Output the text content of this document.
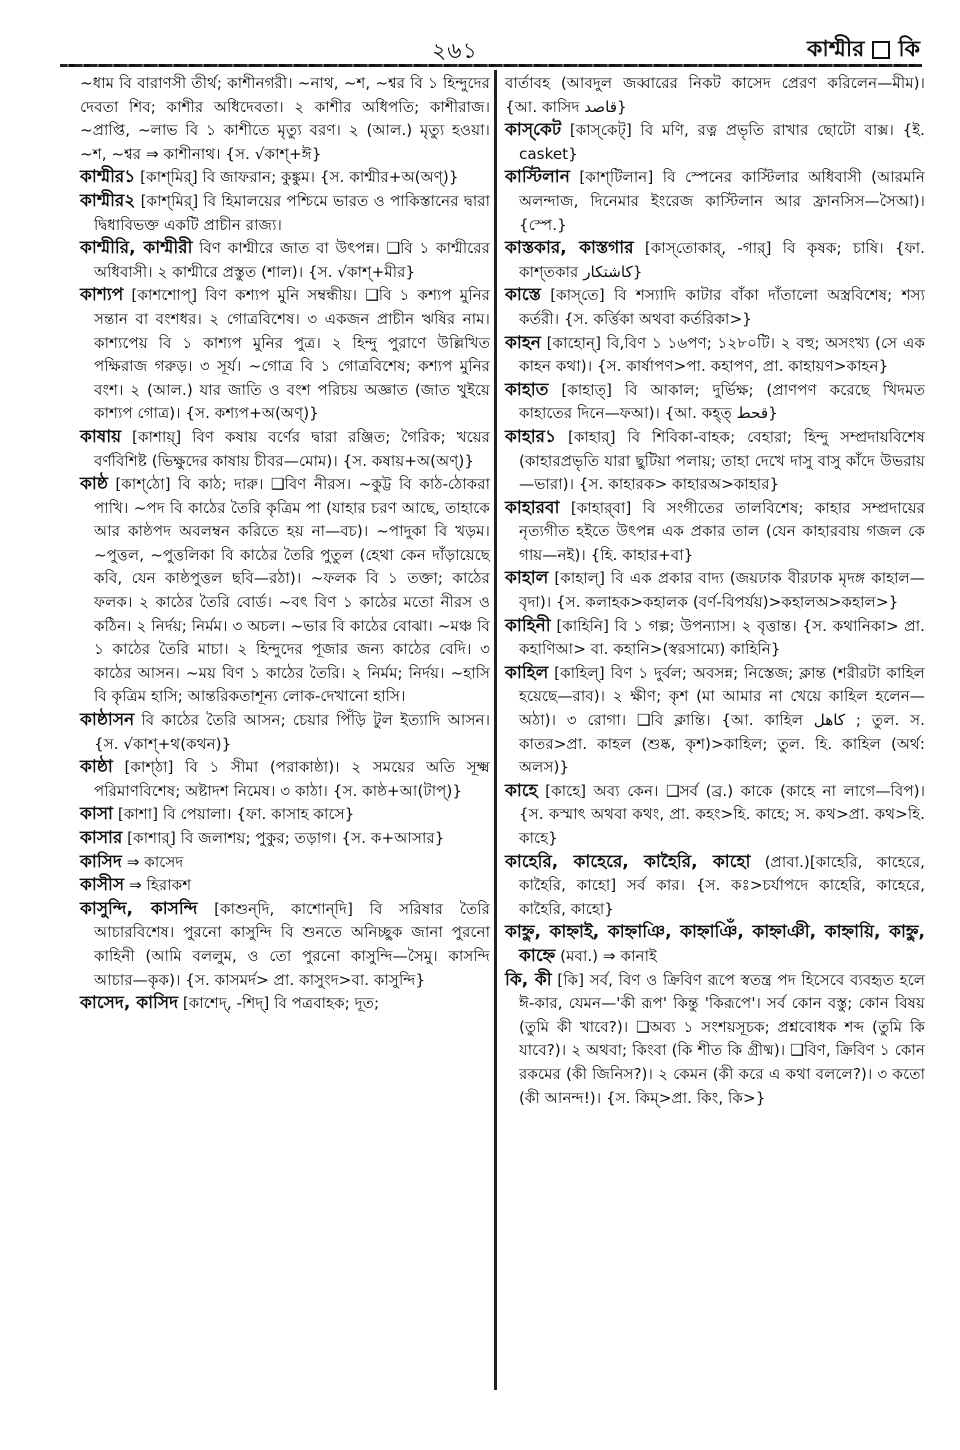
২৬১	কাশ্মীর কি
~ধাম বি বারাণসী তীর্থ; কাশীনগরী। ~নাথ, ~শ, ~শ্বর বি ১ হিন্দুদের দেবতা শিব; কাশীর অধিদেবতা। ২ কাশীর অধিপতি; কাশীরাজ। ~প্রাপ্তি, ~লাভ বি ১ কাশীতে মৃত্যু বরণ। ২ (আল.) মৃত্যু হওয়া। ~শ, ~শ্বর ⇒ কাশীনাথ। {স. √কাশ্‌+ঈ}
কাশ্মীর১ [কাশ্‌মির্‌] বি জাফরান; কুঙ্কুম। {স. কাশ্মীর+অ(অণ্‌)}
কাশ্মীর২ [কাশ্‌মির্‌] বি হিমালয়ের পশ্চিমে ভারত ও পাকিস্তানের দ্বারা দ্বিধাবিভক্ত একটি প্রাচীন রাজ্য।
কাশ্মীরি, কাশ্মীরী বিণ কাশ্মীরে জাত বা উৎপন্ন। ❑বি ১ কাশ্মীরের অধিবাসী। ২ কাশ্মীরে প্রস্তুত (শাল)। {স. √কাশ্‌+মীর}
কাশ্যপ [কাশশোপ্‌] বিণ কশ্যপ মুনি সম্বন্ধীয়। ❑বি ১ কশ্যপ মুনির সন্তান বা বংশধর। ২ গোত্রবিশেষ। ৩ একজন প্রাচীন ঋষির নাম। কাশ্যপেয় বি ১ কাশ্যপ মুনির পুত্র। ২ হিন্দু পুরাণে উল্লিখিত পক্ষিরাজ গরুড়। ৩ সূর্য। ~গোত্র বি ১ গোত্রবিশেষ; কশ্যপ মুনির বংশ। ২ (আল.) যার জাতি ও বংশ পরিচয় অজ্ঞাত (জাত খুইয়ে কাশ্যপ গোত্র)। {স. কশ্যপ+অ(অণ্‌)}
কাষায় [কাশায়্‌] বিণ কষায় বর্ণের দ্বারা রঞ্জিত; গৈরিক; খয়ের বর্ণবিশিষ্ট (ভিক্ষুদের কাষায় চীবর—মোম)। {স. কষায়+অ(অণ্‌)}
কাষ্ঠ [কাশ্‌ঠো] বি কাঠ; দারু। ❑বিণ নীরস। ~কুট্ট বি কাঠ-ঠোকরা পাখি। ~পদ বি কাঠের তৈরি কৃত্রিম পা (যাহার চরণ আছে, তাহাকে আর কাষ্ঠপদ অবলম্বন করিতে হয় না—বচ)। ~পাদুকা বি খড়ম। ~পুত্তল, ~পুত্তলিকা বি কাঠের তৈরি পুতুল (হেথা কেন দাঁড়ায়েছে কবি, যেন কাষ্ঠপুত্তল ছবি—রঠা)। ~ফলক বি ১ তক্তা; কাঠের ফলক। ২ কাঠের তৈরি বোর্ড। ~বৎ বিণ ১ কাঠের মতো নীরস ও কঠিন। ২ নির্দয়; নির্মম। ৩ অচল। ~ভার বি কাঠের বোঝা। ~মঞ্চ বি ১ কাঠের তৈরি মাচা। ২ হিন্দুদের পূজার জন্য কাঠের বেদি। ৩ কাঠের আসন। ~ময় বিণ ১ কাঠের তৈরি। ২ নির্মম; নির্দয়। ~হাসি বি কৃত্রিম হাসি; আন্তরিকতাশূন্য লোক-দেখানো হাসি।
কাষ্ঠাসন বি কাঠের তৈরি আসন; চেয়ার পিঁড়ি টুল ইত্যাদি আসন। {স. √কাশ্‌+থ(কথন)}
কাষ্ঠা [কাশ্‌ঠা] বি ১ সীমা (পরাকাষ্ঠা)। ২ সময়ের অতি সূক্ষ্ম পরিমাণবিশেষ; অষ্টাদশ নিমেষ। ৩ কাঠা। {স. কাষ্ঠ+আ(টাপ্‌)}
কাসা [কাশা] বি পেয়ালা। {ফা. কাসাহ কাসে}
কাসার [কাশার্‌] বি জলাশয়; পুকুর; তড়াগ। {স. ক+আসার}
কাসিদ ⇒ কাসেদ
কাসীস ⇒ হিরাকশ
কাসুন্দি, কাসন্দি [কাশুন্‌দি, কাশোন্‌দি] বি সরিষার তৈরি আচারবিশেষ। পুরনো কাসুন্দি বি শুনতে অনিচ্ছুক জানা পুরনো কাহিনী (আমি বললুম, ও তো পুরনো কাসুন্দি—সৈমু। কাসন্দি আচার—কৃক)। {স. কাসমর্দ> প্রা. কাসুংদ>বা. কাসুন্দি}
কাসেদ, কাসিদ [কাশেদ্‌, -শিদ্‌] বি পত্রবাহক; দূত;
বার্তাবহ (আবদুল জব্বারের নিকট কাসেদ প্রেরণ করিলেন—মীম)। {আ. কাসিদ قاصد}
কাস্‌কেট [কাস্‌কেট্‌] বি মণি, রত্ন প্রভৃতি রাখার ছোটো বাক্স। {ই. casket}
কাস্টিলান [কাশ্‌টিলান] বি স্পেনের কাস্টিলার অধিবাসী (আরমনি অলন্দাজ, দিনেমার ইংরেজ কাস্টিলান আর ফ্রানসিস—সৈআ)। {স্পে.}
কাস্তকার, কাস্তগার [কাস্‌তোকার্‌, -গার্‌] বি কৃষক; চাষি। {ফা. কাশ্‌তকার کاشتکار}
কাস্তে [কাস্‌তে] বি শস্যাদি কাটার বাঁকা দাঁতালো অস্ত্রবিশেষ; শস্য কর্তরী। {স. কর্ত্তিকা অথবা কর্তরিকা>}
কাহন [কাহোন্‌] বি,বিণ ১ ১৬পণ; ১২৮০টি। ২ বহু; অসংখ্য (সে এক কাহন কথা)। {স. কার্ষাপণ>পা. কহাপণ, প্রা. কাহায়ণ>কাহন}
কাহাত [কাহাত্‌] বি আকাল; দুর্ভিক্ষ; (প্রাণপণ করেছে খিদমত কাহাতের দিনে—ফআ)। {আ. কহ্‌ত্‌ قحط}
কাহার১ [কাহার্‌] বি শিবিকা-বাহক; বেহারা; হিন্দু সম্প্রদায়বিশেষ (কাহারপ্রভৃতি যারা ছুটিয়া পলায়; তাহা দেখে দাসু বাসু কাঁদে উভরায়—ভারা)। {স. কাহারক> কাহারঅ>কাহার}
কাহারবা [কাহার্‌বা] বি সংগীতের তালবিশেষ; কাহার সম্প্রদায়ের নৃত্যগীত হইতে উৎপন্ন এক প্রকার তাল (যেন কাহারবায় গজল কে গায়—নই)। {হি. কাহার+বা}
কাহাল [কাহাল্‌] বি এক প্রকার বাদ্য (জয়ঢাক বীরঢাক মৃদঙ্গ কাহাল—বৃদা)। {স. কলাহক>কহালক (বর্ণ-বিপর্যয়)>কহালঅ>কহাল>}
কাহিনী [কাহিনি] বি ১ গল্প; উপন্যাস। ২ বৃত্তান্ত। {স. কথানিকা> প্রা. কহাণিআ> বা. কহানি>(স্বরসাম্যে) কাহিনি}
কাহিল [কাহিল্‌] বিণ ১ দুর্বল; অবসন্ন; নিস্তেজ; ক্লান্ত (শরীরটা কাহিল হয়েছে—রাব)। ২ ক্ষীণ; কৃশ (মা আমার না খেয়ে কাহিল হলেন—অঠা)। ৩ রোগা। ❑বি ক্লান্তি। {আ. কাহিল كاهل ; তুল. স. কাতর>প্রা. কাহল (শুষ্ক, কৃশ)>কাহিল; তুল. হি. কাহিল (অর্থ: অলস)}
কাহে [কাহে] অব্য কেন। ❑সর্ব (ব্র.) কাকে (কাহে না লাগে—বিপ)। {স. কস্মাৎ অথবা কথং, প্রা. কহং>হি. কাহে; স. কথ>প্রা. কথ>হি. কাহে}
কাহেরি, কাহেরে, কাহৈরি, কাহো (প্রাবা.)[কাহেরি, কাহেরে, কাহৈরি, কাহো] সর্ব কার। {স. কঃ>চর্যাপদে কাহেরি, কাহেরে, কাহৈরি, কাহো}
কাহ্নু, কাহ্নাই, কাহ্নাঞি, কাহ্নাঞিঁ, কাহ্নাঞী, কাহ্নায়ি, কাহ্নু, কাহ্নে (মবা.) ⇒ কানাই
কি, কী [কি] সর্ব, বিণ ও ক্রিবিণ রূপে স্বতন্ত্র পদ হিসেবে ব্যবহৃত হলে ঈ-কার, যেমন—'কী রূপ' কিন্তু 'কিরূপে'। সর্ব কোন বস্তু; কোন বিষয় (তুমি কী খাবে?)। ❑অব্য ১ সংশয়সূচক; প্রশ্নবোধক শব্দ (তুমি কি যাবে?)। ২ অথবা; কিংবা (কি শীত কি গ্রীষ্ম)। ❑বিণ, ক্রিবিণ ১ কোন রকমের (কী জিনিস?)। ২ কেমন (কী করে এ কথা বললে?)। ৩ কতো (কী আনন্দ!)। {স. কিম্‌>প্রা. কিং, কি>}
